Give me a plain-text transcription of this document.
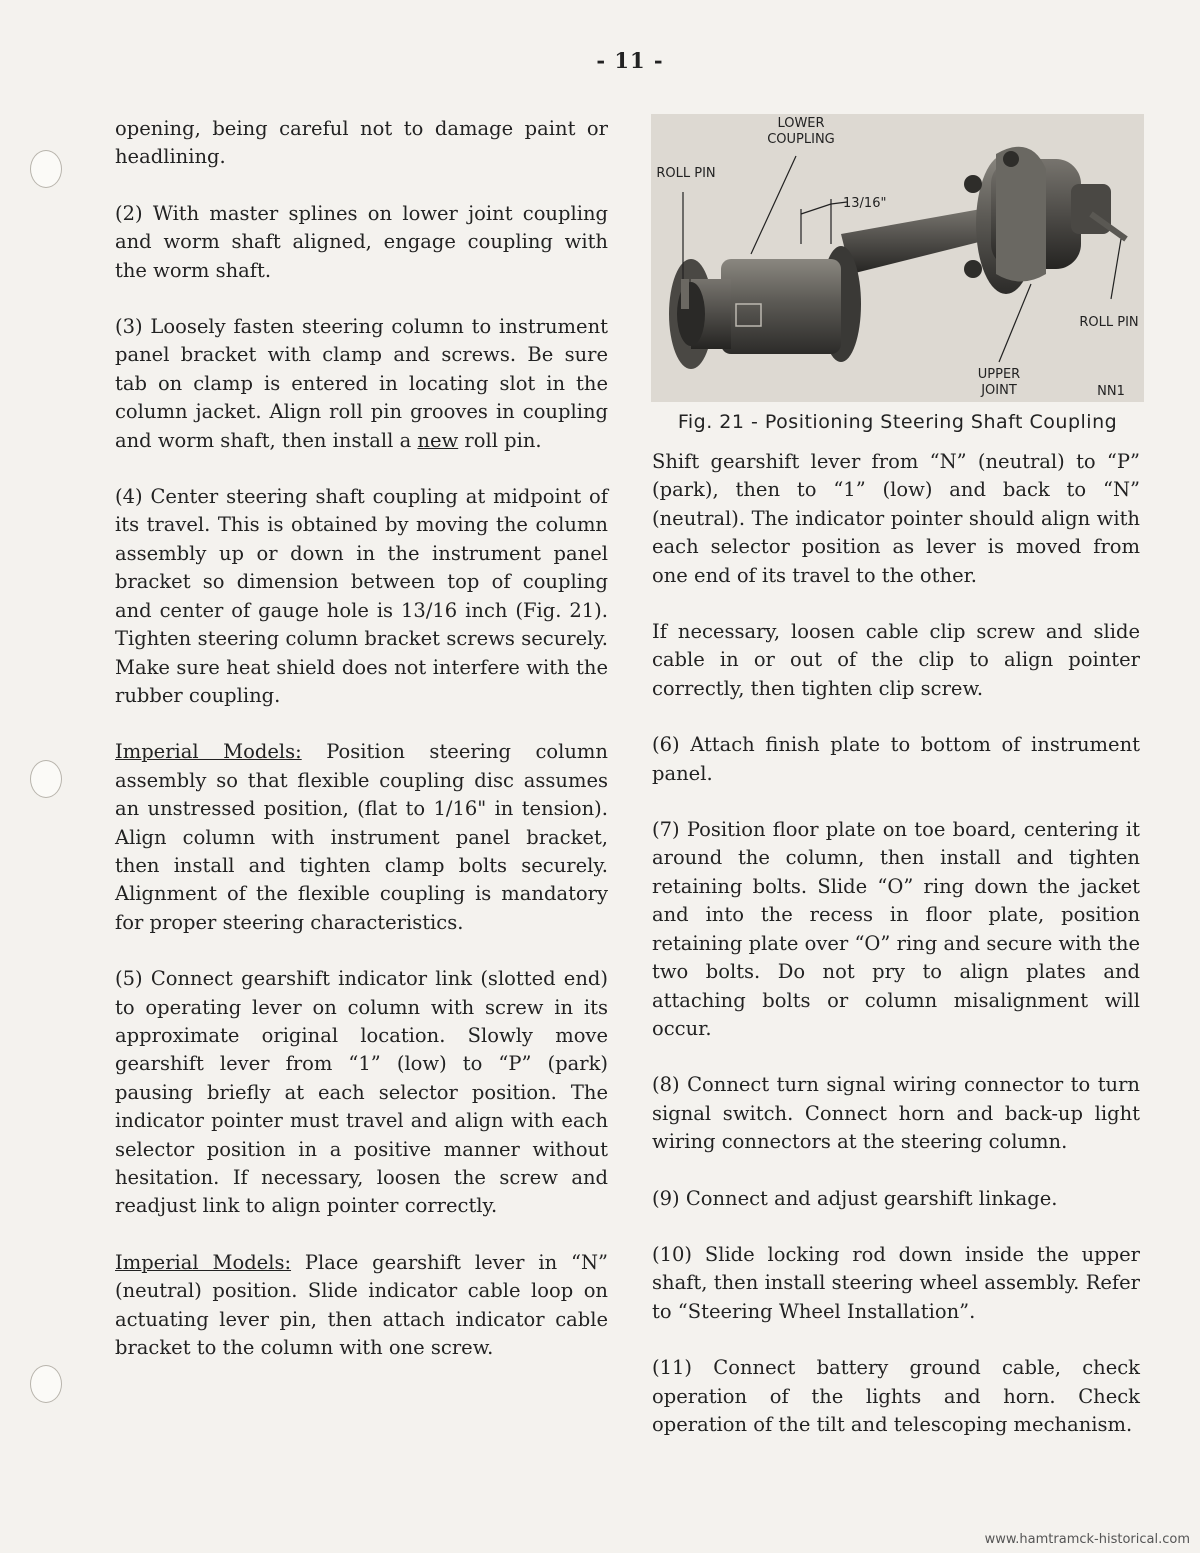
- 11 -

opening, being careful not to damage paint or headlining.

(2) With master splines on lower joint coupling and worm shaft aligned, engage coupling with the worm shaft.

(3) Loosely fasten steering column to instrument panel bracket with clamp and screws. Be sure tab on clamp is entered in locating slot in the column jacket. Align roll pin grooves in coupling and worm shaft, then install a new roll pin.

(4) Center steering shaft coupling at midpoint of its travel. This is obtained by moving the column assembly up or down in the instrument panel bracket so dimension between top of coupling and center of gauge hole is 13/16 inch (Fig. 21). Tighten steering column bracket screws securely. Make sure heat shield does not interfere with the rubber coupling.

Imperial Models: Position steering column assembly so that flexible coupling disc assumes an unstressed position, (flat to 1/16" in tension). Align column with instrument panel bracket, then install and tighten clamp bolts securely. Alignment of the flexible coupling is mandatory for proper steering characteristics.

(5) Connect gearshift indicator link (slotted end) to operating lever on column with screw in its approximate original location. Slowly move gearshift lever from “1” (low) to “P” (park) pausing briefly at each selector position. The indicator pointer must travel and align with each selector position in a positive manner without hesitation. If necessary, loosen the screw and readjust link to align pointer correctly.

Imperial Models: Place gearshift lever in “N” (neutral) position. Slide indicator cable loop on actuating lever pin, then attach indicator cable bracket to the column with one screw.

LOWER COUPLING
ROLL PIN
13/16"
ROLL PIN
UPPER JOINT	NN1
Fig. 21 - Positioning Steering Shaft Coupling

Shift gearshift lever from “N” (neutral) to “P” (park), then to “1” (low) and back to “N” (neutral). The indicator pointer should align with each selector position as lever is moved from one end of its travel to the other.

If necessary, loosen cable clip screw and slide cable in or out of the clip to align pointer correctly, then tighten clip screw.

(6) Attach finish plate to bottom of instrument panel.

(7) Position floor plate on toe board, centering it around the column, then install and tighten retaining bolts. Slide “O” ring down the jacket and into the recess in floor plate, position retaining plate over “O” ring and secure with the two bolts. Do not pry to align plates and attaching bolts or column misalignment will occur.

(8) Connect turn signal wiring connector to turn signal switch. Connect horn and back-up light wiring connectors at the steering column.

(9) Connect and adjust gearshift linkage.

(10) Slide locking rod down inside the upper shaft, then install steering wheel assembly. Refer to “Steering Wheel Installation”.

(11) Connect battery ground cable, check operation of the lights and horn. Check operation of the tilt and telescoping mechanism.

www.hamtramck-historical.com
